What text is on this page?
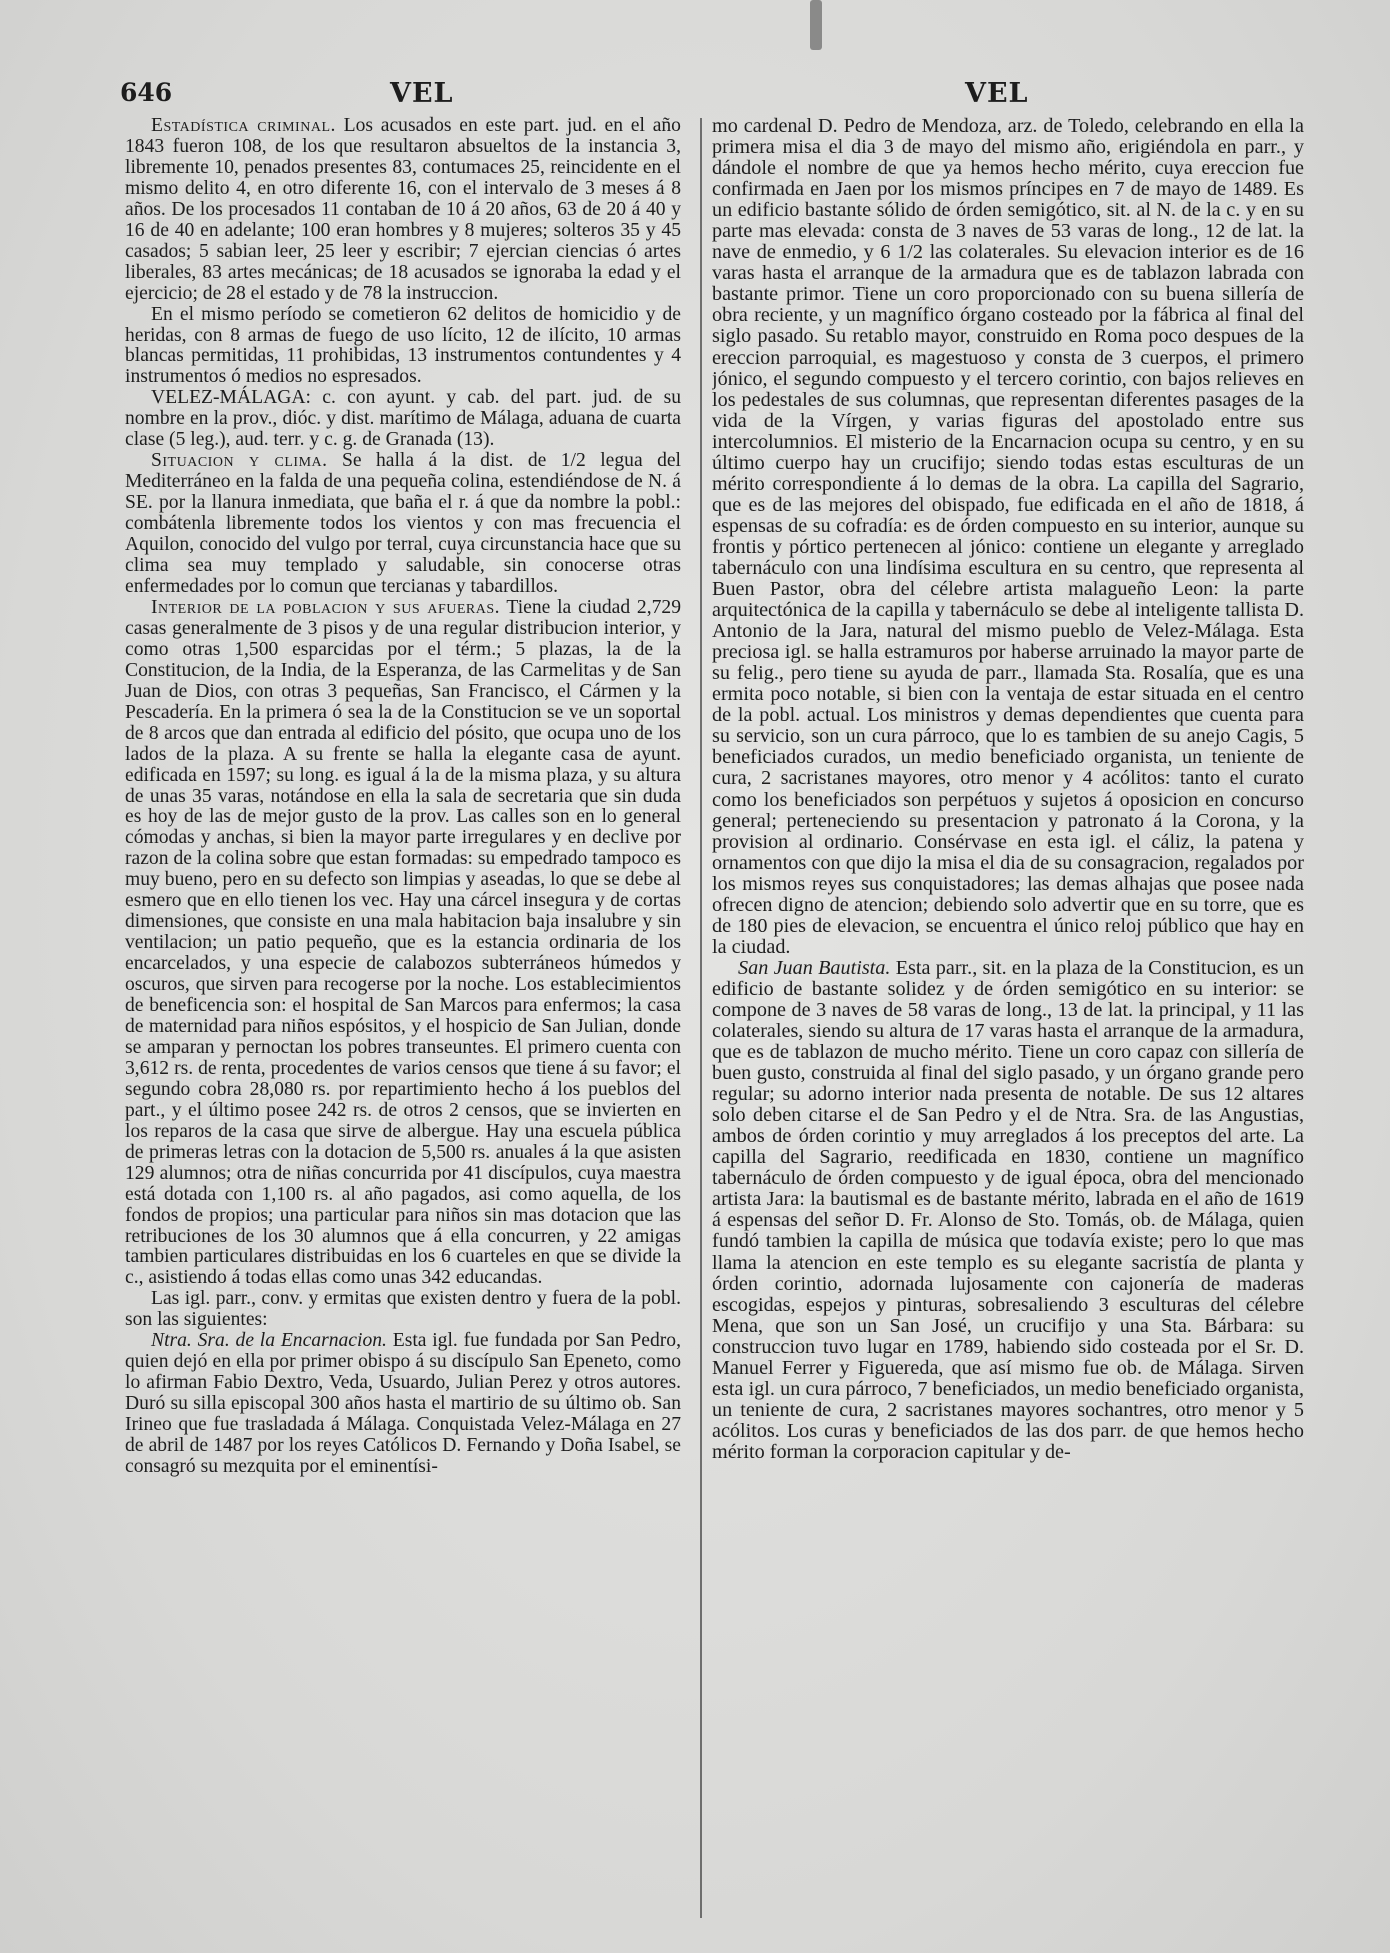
646	VEL	VEL

Estadística criminal. Los acusados en este part. jud. en el año 1843 fueron 108, de los que resultaron absueltos de la instancia 3, libremente 10, penados presentes 83, contumaces 25, reincidente en el mismo delito 4, en otro diferente 16, con el intervalo de 3 meses á 8 años. De los procesados 11 contaban de 10 á 20 años, 63 de 20 á 40 y 16 de 40 en adelante; 100 eran hombres y 8 mujeres; solteros 35 y 45 casados; 5 sabian leer, 25 leer y escribir; 7 ejercian ciencias ó artes liberales, 83 artes mecánicas; de 18 acusados se ignoraba la edad y el ejercicio; de 28 el estado y de 78 la instruccion.

En el mismo período se cometieron 62 delitos de homicidio y de heridas, con 8 armas de fuego de uso lícito, 12 de ilícito, 10 armas blancas permitidas, 11 prohibidas, 13 instrumentos contundentes y 4 instrumentos ó medios no espresados.

VELEZ-MÁLAGA: c. con ayunt. y cab. del part. jud. de su nombre en la prov., dióc. y dist. marítimo de Málaga, aduana de cuarta clase (5 leg.), aud. terr. y c. g. de Granada (13).

Situacion y clima. Se halla á la dist. de 1/2 legua del Mediterráneo en la falda de una pequeña colina, estendiéndose de N. á SE. por la llanura inmediata, que baña el r. á que da nombre la pobl.: combátenla libremente todos los vientos y con mas frecuencia el Aquilon, conocido del vulgo por terral, cuya circunstancia hace que su clima sea muy templado y saludable, sin conocerse otras enfermedades por lo comun que tercianas y tabardillos.

Interior de la poblacion y sus afueras. Tiene la ciudad 2,729 casas generalmente de 3 pisos y de una regular distribucion interior, y como otras 1,500 esparcidas por el térm.; 5 plazas, la de la Constitucion, de la India, de la Esperanza, de las Carmelitas y de San Juan de Dios, con otras 3 pequeñas, San Francisco, el Cármen y la Pescadería. En la primera ó sea la de la Constitucion se ve un soportal de 8 arcos que dan entrada al edificio del pósito, que ocupa uno de los lados de la plaza. A su frente se halla la elegante casa de ayunt. edificada en 1597; su long. es igual á la de la misma plaza, y su altura de unas 35 varas, notándose en ella la sala de secretaria que sin duda es hoy de las de mejor gusto de la prov. Las calles son en lo general cómodas y anchas, si bien la mayor parte irregulares y en declive por razon de la colina sobre que estan formadas: su empedrado tampoco es muy bueno, pero en su defecto son limpias y aseadas, lo que se debe al esmero que en ello tienen los vec. Hay una cárcel insegura y de cortas dimensiones, que consiste en una mala habitacion baja insalubre y sin ventilacion; un patio pequeño, que es la estancia ordinaria de los encarcelados, y una especie de calabozos subterráneos húmedos y oscuros, que sirven para recogerse por la noche. Los establecimientos de beneficencia son: el hospital de San Marcos para enfermos; la casa de maternidad para niños espósitos, y el hospicio de San Julian, donde se amparan y pernoctan los pobres transeuntes. El primero cuenta con 3,612 rs. de renta, procedentes de varios censos que tiene á su favor; el segundo cobra 28,080 rs. por repartimiento hecho á los pueblos del part., y el último posee 242 rs. de otros 2 censos, que se invierten en los reparos de la casa que sirve de albergue. Hay una escuela pública de primeras letras con la dotacion de 5,500 rs. anuales á la que asisten 129 alumnos; otra de niñas concurrida por 41 discípulos, cuya maestra está dotada con 1,100 rs. al año pagados, asi como aquella, de los fondos de propios; una particular para niños sin mas dotacion que las retribuciones de los 30 alumnos que á ella concurren, y 22 amigas tambien particulares distribuidas en los 6 cuarteles en que se divide la c., asistiendo á todas ellas como unas 342 educandas.

Las igl. parr., conv. y ermitas que existen dentro y fuera de la pobl. son las siguientes:

Ntra. Sra. de la Encarnacion. Esta igl. fue fundada por San Pedro, quien dejó en ella por primer obispo á su discípulo San Epeneto, como lo afirman Fabio Dextro, Veda, Usuardo, Julian Perez y otros autores. Duró su silla episcopal 300 años hasta el martirio de su último ob. San Irineo que fue trasladada á Málaga. Conquistada Velez-Málaga en 27 de abril de 1487 por los reyes Católicos D. Fernando y Doña Isabel, se consagró su mezquita por el eminentísi-

mo cardenal D. Pedro de Mendoza, arz. de Toledo, celebrando en ella la primera misa el dia 3 de mayo del mismo año, erigiéndola en parr., y dándole el nombre de que ya hemos hecho mérito, cuya ereccion fue confirmada en Jaen por los mismos príncipes en 7 de mayo de 1489. Es un edificio bastante sólido de órden semigótico, sit. al N. de la c. y en su parte mas elevada: consta de 3 naves de 53 varas de long., 12 de lat. la nave de enmedio, y 6 1/2 las colaterales. Su elevacion interior es de 16 varas hasta el arranque de la armadura que es de tablazon labrada con bastante primor. Tiene un coro proporcionado con su buena sillería de obra reciente, y un magnífico órgano costeado por la fábrica al final del siglo pasado. Su retablo mayor, construido en Roma poco despues de la ereccion parroquial, es magestuoso y consta de 3 cuerpos, el primero jónico, el segundo compuesto y el tercero corintio, con bajos relieves en los pedestales de sus columnas, que representan diferentes pasages de la vida de la Vírgen, y varias figuras del apostolado entre sus intercolumnios. El misterio de la Encarnacion ocupa su centro, y en su último cuerpo hay un crucifijo; siendo todas estas esculturas de un mérito correspondiente á lo demas de la obra. La capilla del Sagrario, que es de las mejores del obispado, fue edificada en el año de 1818, á espensas de su cofradía: es de órden compuesto en su interior, aunque su frontis y pórtico pertenecen al jónico: contiene un elegante y arreglado tabernáculo con una lindísima escultura en su centro, que representa al Buen Pastor, obra del célebre artista malagueño Leon: la parte arquitectónica de la capilla y tabernáculo se debe al inteligente tallista D. Antonio de la Jara, natural del mismo pueblo de Velez-Málaga. Esta preciosa igl. se halla estramuros por haberse arruinado la mayor parte de su felig., pero tiene su ayuda de parr., llamada Sta. Rosalía, que es una ermita poco notable, si bien con la ventaja de estar situada en el centro de la pobl. actual. Los ministros y demas dependientes que cuenta para su servicio, son un cura párroco, que lo es tambien de su anejo Cagis, 5 beneficiados curados, un medio beneficiado organista, un teniente de cura, 2 sacristanes mayores, otro menor y 4 acólitos: tanto el curato como los beneficiados son perpétuos y sujetos á oposicion en concurso general; perteneciendo su presentacion y patronato á la Corona, y la provision al ordinario. Consérvase en esta igl. el cáliz, la patena y ornamentos con que dijo la misa el dia de su consagracion, regalados por los mismos reyes sus conquistadores; las demas alhajas que posee nada ofrecen digno de atencion; debiendo solo advertir que en su torre, que es de 180 pies de elevacion, se encuentra el único reloj público que hay en la ciudad.

San Juan Bautista. Esta parr., sit. en la plaza de la Constitucion, es un edificio de bastante solidez y de órden semigótico en su interior: se compone de 3 naves de 58 varas de long., 13 de lat. la principal, y 11 las colaterales, siendo su altura de 17 varas hasta el arranque de la armadura, que es de tablazon de mucho mérito. Tiene un coro capaz con sillería de buen gusto, construida al final del siglo pasado, y un órgano grande pero regular; su adorno interior nada presenta de notable. De sus 12 altares solo deben citarse el de San Pedro y el de Ntra. Sra. de las Angustias, ambos de órden corintio y muy arreglados á los preceptos del arte. La capilla del Sagrario, reedificada en 1830, contiene un magnífico tabernáculo de órden compuesto y de igual época, obra del mencionado artista Jara: la bautismal es de bastante mérito, labrada en el año de 1619 á espensas del señor D. Fr. Alonso de Sto. Tomás, ob. de Málaga, quien fundó tambien la capilla de música que todavía existe; pero lo que mas llama la atencion en este templo es su elegante sacristía de planta y órden corintio, adornada lujosamente con cajonería de maderas escogidas, espejos y pinturas, sobresaliendo 3 esculturas del célebre Mena, que son un San José, un crucifijo y una Sta. Bárbara: su construccion tuvo lugar en 1789, habiendo sido costeada por el Sr. D. Manuel Ferrer y Figuereda, que así mismo fue ob. de Málaga. Sirven esta igl. un cura párroco, 7 beneficiados, un medio beneficiado organista, un teniente de cura, 2 sacristanes mayores sochantres, otro menor y 5 acólitos. Los curas y beneficiados de las dos parr. de que hemos hecho mérito forman la corporacion capitular y de-
